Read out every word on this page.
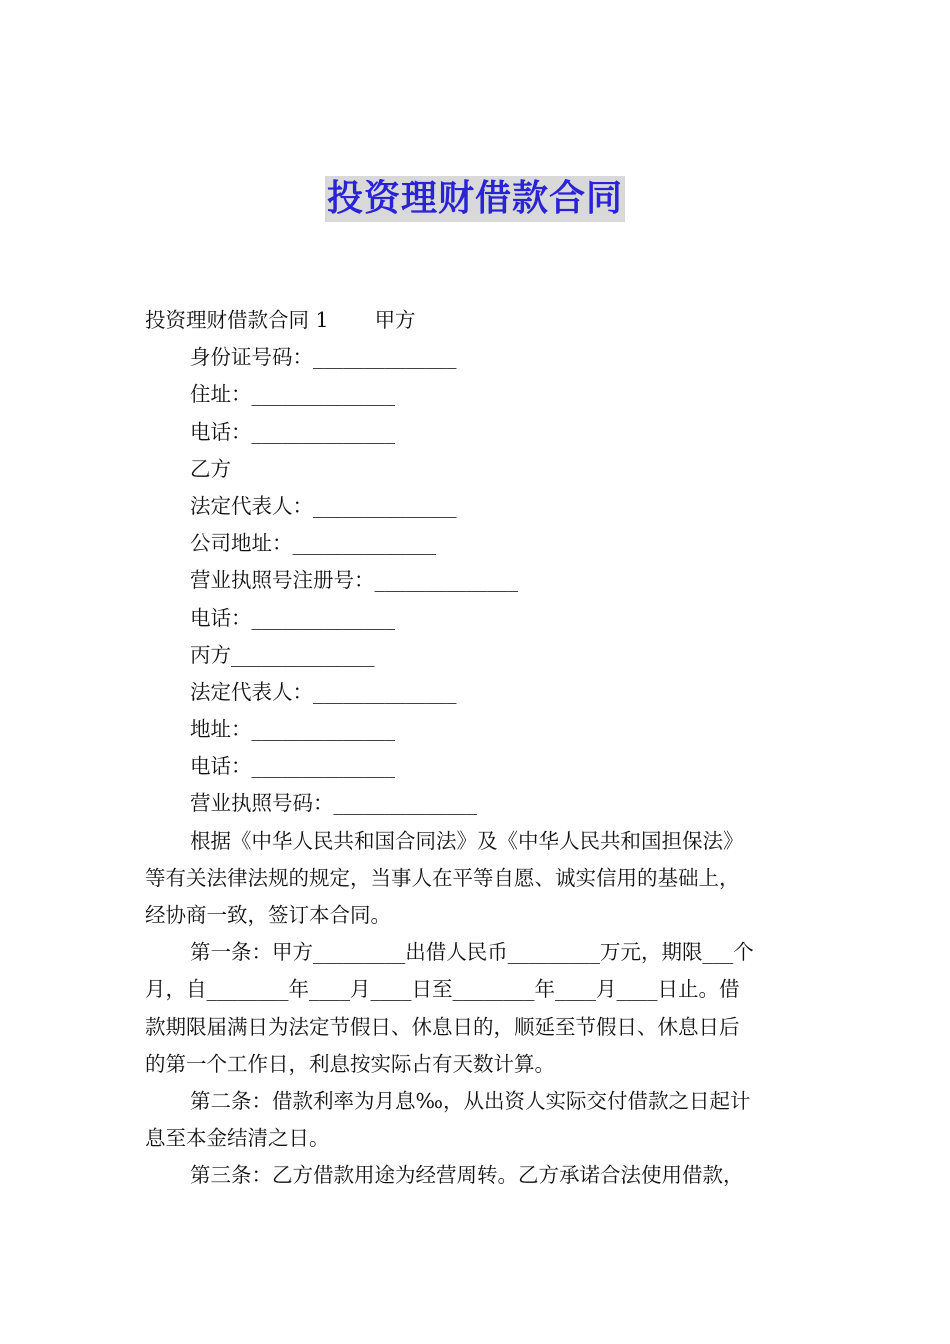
投资理财借款合同
投资理财借款合同 1 甲方
身份证号码：______________
住址：______________
电话：______________
乙方
法定代表人：______________
公司地址：______________
营业执照号注册号：______________
电话：______________
丙方______________
法定代表人：______________
地址：______________
电话：______________
营业执照号码：______________
根据《中华人民共和国合同法》及《中华人民共和国担保法》
等有关法律法规的规定，当事人在平等自愿、诚实信用的基础上，
经协商一致，签订本合同。
第一条：甲方_________出借人民币_________万元，期限___个
月，自________年____月____日至________年____月____日止。借
款期限届满日为法定节假日、休息日的，顺延至节假日、休息日后
的第一个工作日，利息按实际占有天数计算。
第二条：借款利率为月息‰，从出资人实际交付借款之日起计
息至本金结清之日。
第三条：乙方借款用途为经营周转。乙方承诺合法使用借款，
